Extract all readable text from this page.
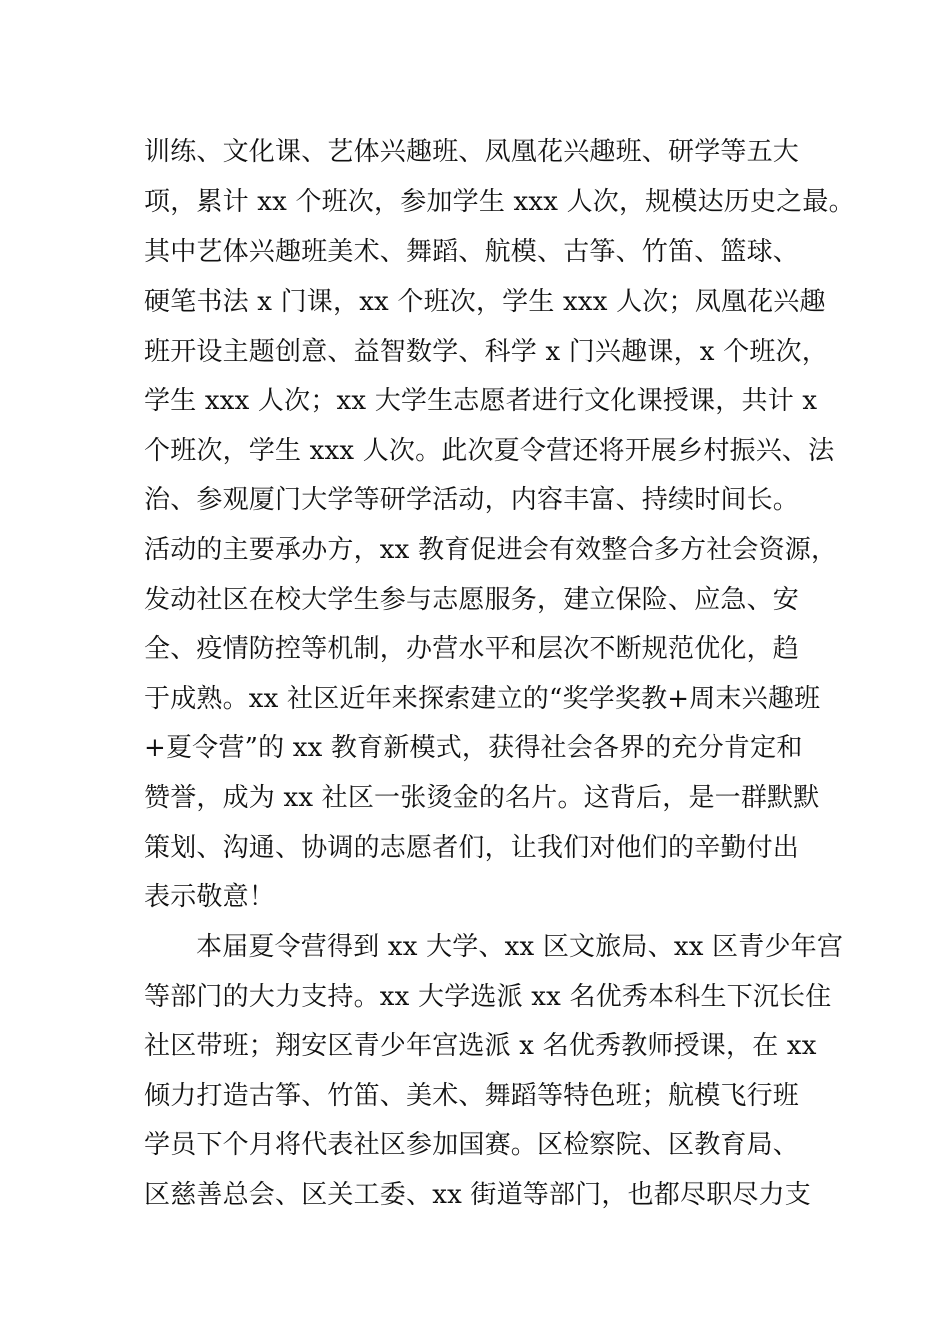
训练、文化课、艺体兴趣班、凤凰花兴趣班、研学等五大
项，累计 xx 个班次，参加学生 xxx 人次，规模达历史之最。
其中艺体兴趣班美术、舞蹈、航模、古筝、竹笛、篮球、
硬笔书法 x 门课，xx 个班次，学生 xxx 人次；凤凰花兴趣
班开设主题创意、益智数学、科学 x 门兴趣课，x 个班次，
学生 xxx 人次；xx 大学生志愿者进行文化课授课，共计 x
个班次，学生 xxx 人次。此次夏令营还将开展乡村振兴、法
治、参观厦门大学等研学活动，内容丰富、持续时间长。
活动的主要承办方，xx 教育促进会有效整合多方社会资源，
发动社区在校大学生参与志愿服务，建立保险、应急、安
全、疫情防控等机制，办营水平和层次不断规范优化，趋
于成熟。xx 社区近年来探索建立的“奖学奖教+周末兴趣班
+夏令营”的 xx 教育新模式，获得社会各界的充分肯定和
赞誉，成为 xx 社区一张烫金的名片。这背后，是一群默默
策划、沟通、协调的志愿者们，让我们对他们的辛勤付出
表示敬意！
本届夏令营得到 xx 大学、xx 区文旅局、xx 区青少年宫
等部门的大力支持。xx 大学选派 xx 名优秀本科生下沉长住
社区带班；翔安区青少年宫选派 x 名优秀教师授课，在 xx
倾力打造古筝、竹笛、美术、舞蹈等特色班；航模飞行班
学员下个月将代表社区参加国赛。区检察院、区教育局、
区慈善总会、区关工委、xx 街道等部门，也都尽职尽力支
